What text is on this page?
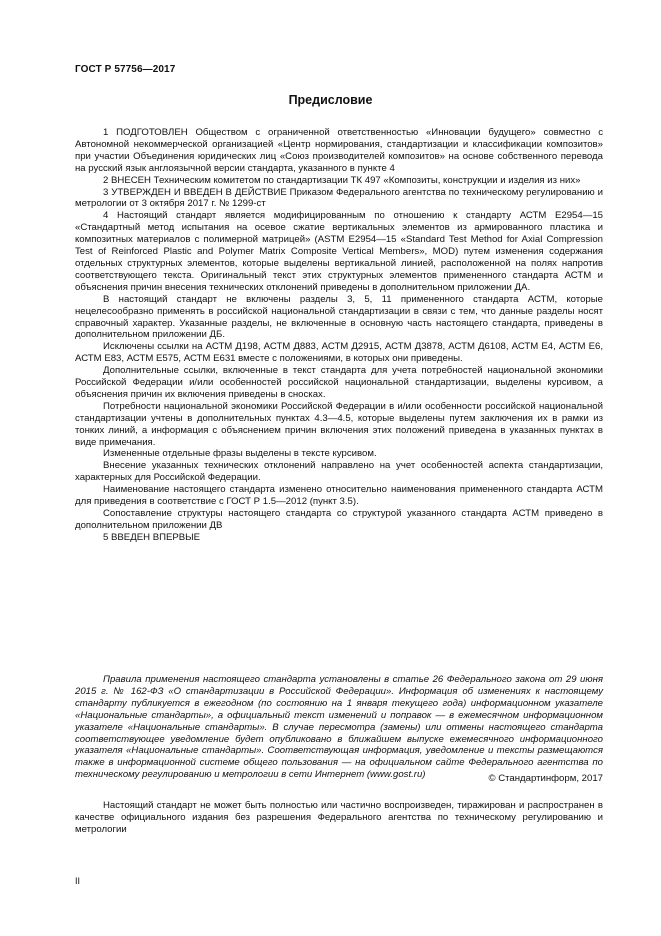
ГОСТ Р 57756—2017
Предисловие

1 ПОДГОТОВЛЕН Обществом с ограниченной ответственностью «Инновации будущего» совместно с Автономной некоммерческой организацией «Центр нормирования, стандартизации и классификации композитов» при участии Объединения юридических лиц «Союз производителей композитов» на основе собственного перевода на русский язык англоязычной версии стандарта, указанного в пункте 4

2 ВНЕСЕН Техническим комитетом по стандартизации ТК 497 «Композиты, конструкции и изделия из них»

3 УТВЕРЖДЕН И ВВЕДЕН В ДЕЙСТВИЕ Приказом Федерального агентства по техническому регулированию и метрологии от 3 октября 2017 г. № 1299-ст

4 Настоящий стандарт является модифицированным по отношению к стандарту АСТМ Е2954—15 «Стандартный метод испытания на осевое сжатие вертикальных элементов из армированного пластика и композитных материалов с полимерной матрицей» (ASTM E2954—15 «Standard Test Method for Axial Compression Test of Reinforced Plastic and Polymer Matrix Composite Vertical Members», MOD) путем изменения содержания отдельных структурных элементов, которые выделены вертикальной линией, расположенной на полях напротив соответствующего текста. Оригинальный текст этих структурных элементов примененного стандарта АСТМ и объяснения причин внесения технических отклонений приведены в дополнительном приложении ДА.

В настоящий стандарт не включены разделы 3, 5, 11 примененного стандарта АСТМ, которые нецелесообразно применять в российской национальной стандартизации в связи с тем, что данные разделы носят справочный характер. Указанные разделы, не включенные в основную часть настоящего стандарта, приведены в дополнительном приложении ДБ.

Исключены ссылки на АСТМ Д198, АСТМ Д883, АСТМ Д2915, АСТМ Д3878, АСТМ Д6108, АСТМ Е4, АСТМ Е6, АСТМ Е83, АСТМ Е575, АСТМ Е631 вместе с положениями, в которых они приведены.

Дополнительные ссылки, включенные в текст стандарта для учета потребностей национальной экономики Российской Федерации и/или особенностей российской национальной стандартизации, выделены курсивом, а объяснения причин их включения приведены в сносках.

Потребности национальной экономики Российской Федерации в и/или особенности российской национальной стандартизации учтены в дополнительных пунктах 4.3—4.5, которые выделены путем заключения их в рамки из тонких линий, а информация с объяснением причин включения этих положений приведена в указанных пунктах в виде примечания.

Измененные отдельные фразы выделены в тексте курсивом.

Внесение указанных технических отклонений направлено на учет особенностей аспекта стандартизации, характерных для Российской Федерации.

Наименование настоящего стандарта изменено относительно наименования примененного стандарта АСТМ для приведения в соответствие с ГОСТ Р 1.5—2012 (пункт 3.5).

Сопоставление структуры настоящего стандарта со структурой указанного стандарта АСТМ приведено в дополнительном приложении ДВ

5 ВВЕДЕН ВПЕРВЫЕ

Правила применения настоящего стандарта установлены в статье 26 Федерального закона от 29 июня 2015 г. № 162-ФЗ «О стандартизации в Российской Федерации». Информация об изменениях к настоящему стандарту публикуется в ежегодном (по состоянию на 1 января текущего года) информационном указателе «Национальные стандарты», а официальный текст изменений и поправок — в ежемесячном информационном указателе «Национальные стандарты». В случае пересмотра (замены) или отмены настоящего стандарта соответствующее уведомление будет опубликовано в ближайшем выпуске ежемесячного информационного указателя «Национальные стандарты». Соответствующая информация, уведомление и тексты размещаются также в информационной системе общего пользования — на официальном сайте Федерального агентства по техническому регулированию и метрологии в сети Интернет (www.gost.ru)	© Стандартинформ, 2017

Настоящий стандарт не может быть полностью или частично воспроизведен, тиражирован и распространен в качестве официального издания без разрешения Федерального агентства по техническому регулированию и метрологии

II
